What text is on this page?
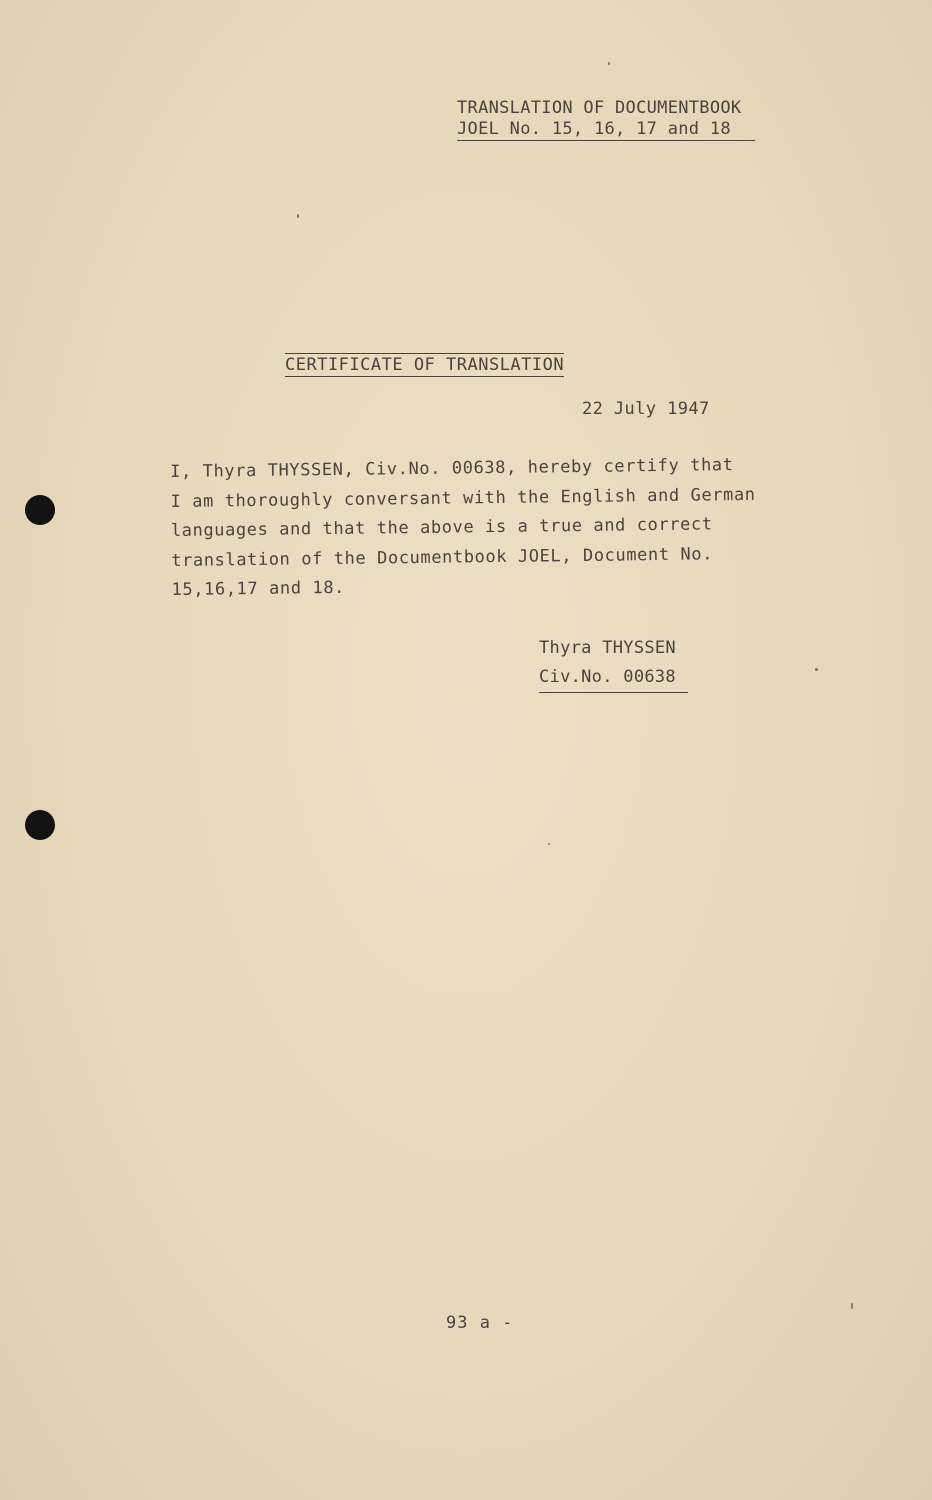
TRANSLATION OF DOCUMENTBOOK
JOEL No. 15, 16, 17 and 18
CERTIFICATE OF TRANSLATION
22 July 1947
I, Thyra THYSSEN, Civ.No. 00638, hereby certify that
I am thoroughly conversant with the English and German
languages and that the above is a true and correct
translation of the Documentbook JOEL, Document No.
15,16,17 and 18.
Thyra THYSSEN
Civ.No. 00638
93 a -
